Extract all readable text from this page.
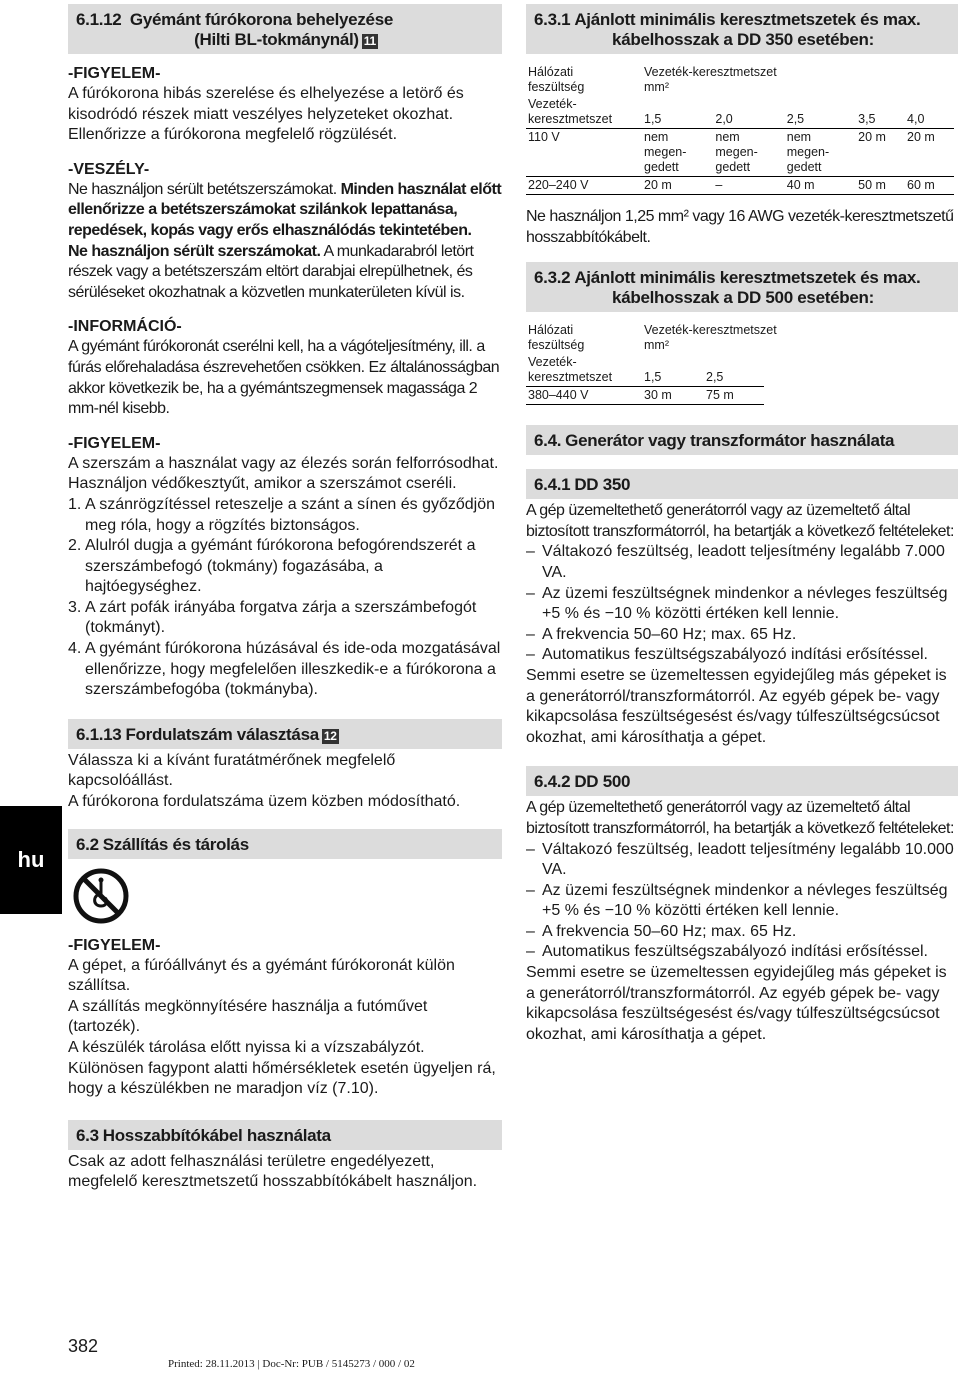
hu
6.1.12 Gyémánt fúrókorona behelyezése
(Hilti BL-tokmánynál) 11

-FIGYELEM-

A fúrókorona hibás szerelése és elhelyezése a letörő és kisodródó részek miatt veszélyes helyzeteket okozhat. Ellenőrizze a fúrókorona megfelelő rögzülését.

-VESZÉLY-

Ne használjon sérült betétszerszámokat. Minden használat előtt ellenőrizze a betétszerszámokat szilánkok lepattanása, repedések, kopás vagy erős elhasználódás tekintetében.

Ne használjon sérült szerszámokat. A munkadarabról letört részek vagy a betétszerszám eltört darabjai elrepülhetnek, és sérüléseket okozhatnak a közvetlen munkaterületen kívül is.

-INFORMÁCIÓ-

A gyémánt fúrókoronát cserélni kell, ha a vágóteljesítmény, ill. a fúrás előrehaladása észrevehetően csökken. Ez általánosságban akkor következik be, ha a gyémántszegmensek magassága 2 mm-nél kisebb.

-FIGYELEM-

A szerszám a használat vagy az élezés során felforrósodhat. Használjon védőkesztyűt, amikor a szerszámot cseréli.

1. A szánrögzítéssel reteszelje a szánt a sínen és győződjön meg róla, hogy a rögzítés biztonságos.
2. Alulról dugja a gyémánt fúrókorona befogórendszerét a szerszámbefogó (tokmány) fogazásába, a hajtóegységhez.
3. A zárt pofák irányába forgatva zárja a szerszámbefogót (tokmányt).
4. A gyémánt fúrókorona húzásával és ide-oda mozgatásával ellenőrizze, hogy megfelelően illeszkedik-e a fúrókorona a szerszámbefogóba (tokmányba).
6.1.13 Fordulatszám választása 12

Válassza ki a kívánt furatátmérőnek megfelelő kapcsolóállást.

A fúrókorona fordulatszáma üzem közben módosítható.

6.2 Szállítás és tárolás

-FIGYELEM-

A gépet, a fúróállványt és a gyémánt fúrókoronát külön szállítsa.

A szállítás megkönnyítésére használja a futóművet (tartozék).

A készülék tárolása előtt nyissa ki a vízszabályzót. Különösen fagypont alatti hőmérsékletek esetén ügyeljen rá, hogy a készülékben ne maradjon víz (7.10).

6.3 Hosszabbítókábel használata

Csak az adott felhasználási területre engedélyezett, megfelelő keresztmetszetű hosszabbítókábelt használjon.

6.3.1 Ajánlott minimális keresztmetszetek és max.
kábelhosszak a DD 350 esetében:
Hálózati
feszültség	Vezeték-keresztmetszet
mm²				
Vezeték-
keresztmetszet	1,5	2,0	2,5	3,5	4,0
110 V	nem
megen-
gedett	nem
megen-
gedett	nem
megen-
gedett	20 m	20 m
220–240 V	20 m	–	40 m	50 m	60 m

Ne használjon 1,25 mm² vagy 16 AWG vezeték-keresztmetszetű hosszabbítókábelt.

6.3.2 Ajánlott minimális keresztmetszetek és max.
kábelhosszak a DD 500 esetében:
Hálózati
feszültség	Vezeték-keresztmetszet
mm²		
Vezeték-
keresztmetszet	1,5	2,5	
380–440 V	30 m	75 m	
6.4. Generátor vagy transzformátor használata
6.4.1 DD 350

A gép üzemeltethető generátorról vagy az üzemeltető által biztosított transzformátorról, ha betartják a következő feltételeket:

– Váltakozó feszültség, leadott teljesítmény legalább 7.000 VA.
– Az üzemi feszültségnek mindenkor a névleges feszültség +5 % és −10 % közötti értéken kell lennie.
– A frekvencia 50–60 Hz; max. 65 Hz.
– Automatikus feszültségszabályozó indítási erősítéssel.

Semmi esetre se üzemeltessen egyidejűleg más gépeket is a generátorról/transzformátorról. Az egyéb gépek be- vagy kikapcsolása feszültségesést és/vagy túlfeszültségcsúcsot okozhat, ami károsíthatja a gépet.

6.4.2 DD 500

A gép üzemeltethető generátorról vagy az üzemeltető által biztosított transzformátorról, ha betartják a következő feltételeket:

– Váltakozó feszültség, leadott teljesítmény legalább 10.000 VA.
– Az üzemi feszültségnek mindenkor a névleges feszültség +5 % és −10 % közötti értéken kell lennie.
– A frekvencia 50–60 Hz; max. 65 Hz.
– Automatikus feszültségszabályozó indítási erősítéssel.

Semmi esetre se üzemeltessen egyidejűleg más gépeket is a generátorról/transzformátorról. Az egyéb gépek be- vagy kikapcsolása feszültségesést és/vagy túlfeszültségcsúcsot okozhat, ami károsíthatja a gépet.

382
Printed: 28.11.2013 | Doc-Nr: PUB / 5145273 / 000 / 02
